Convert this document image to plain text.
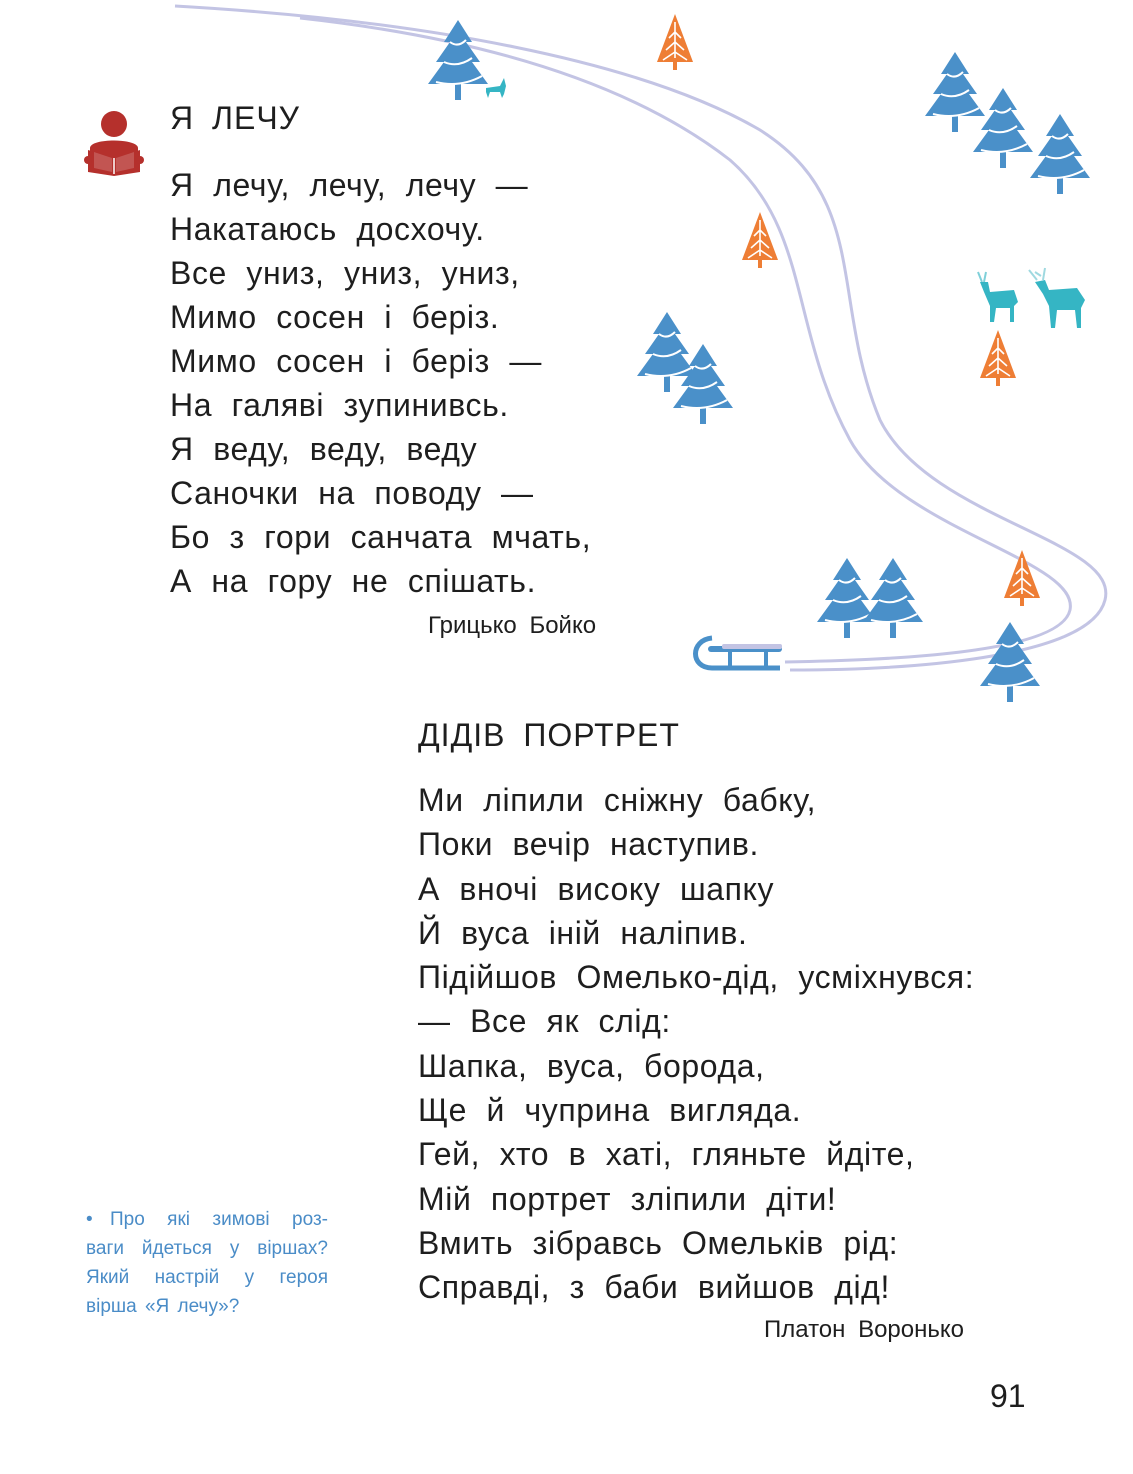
Я ЛЕЧУ
Я лечу, лечу, лечу —
Накатаюсь досхочу.
Все униз, униз, униз,
Мимо сосен і беріз.
Мимо сосен і беріз —
На галяві зупинивсь.
Я веду, веду, веду
Саночки на поводу —
Бо з гори санчата мчать,
А на гору не спішать.

Грицько Бойко

ДІДІВ ПОРТРЕТ
Ми ліпили сніжну бабку,
Поки вечір наступив.
А вночі високу шапку
Й вуса іній наліпив.
Підійшов Омелько-дід, усміхнувся:
— Все як слід:
Шапка, вуса, борода,
Ще й чуприна вигляда.
Гей, хто в хаті, гляньте йдіте,
Мій портрет зліпили діти!
Вмить зібравсь Омельків рід:
Справді, з баби вийшов дід!

Платон Воронько

• Про які зимові роз- ваги йдеться у віршах? Який настрій у героя вірша «Я лечу»?

91
